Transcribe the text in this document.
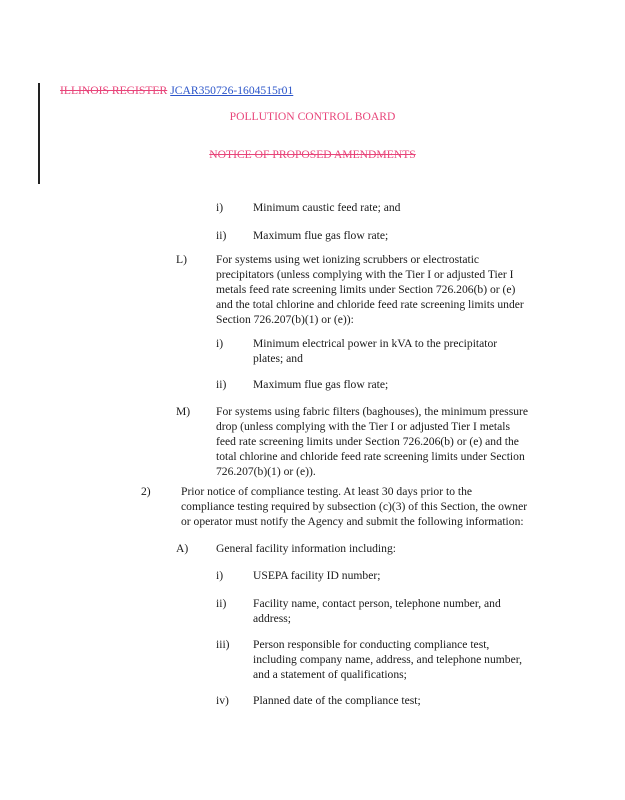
ILLINOIS REGISTER JCAR350726-1604515r01
POLLUTION CONTROL BOARD
NOTICE OF PROPOSED AMENDMENTS
i)	Minimum caustic feed rate; and
ii) Maximum flue gas flow rate;
L)	For systems using wet ionizing scrubbers or electrostatic
precipitators (unless complying with the Tier I or adjusted Tier I
metals feed rate screening limits under Section 726.206(b) or (e)
and the total chlorine and chloride feed rate screening limits under
Section 726.207(b)(1) or (e)):
i)	Minimum electrical power in kVA to the precipitator
plates; and
ii) Maximum flue gas flow rate;
M) For systems using fabric filters (baghouses), the minimum pressure
drop (unless complying with the Tier I or adjusted Tier I metals
feed rate screening limits under Section 726.206(b) or (e) and the
total chlorine and chloride feed rate screening limits under Section
726.207(b)(1) or (e)).
2)	Prior notice of compliance testing. At least 30 days prior to the
compliance testing required by subsection (c)(3) of this Section, the owner
or operator must notify the Agency and submit the following information:
A) General facility information including:
i)	USEPA facility ID number;
ii) Facility name, contact person, telephone number, and
address;
iii) Person responsible for conducting compliance test,
including company name, address, and telephone number,
and a statement of qualifications;
iv) Planned date of the compliance test;
